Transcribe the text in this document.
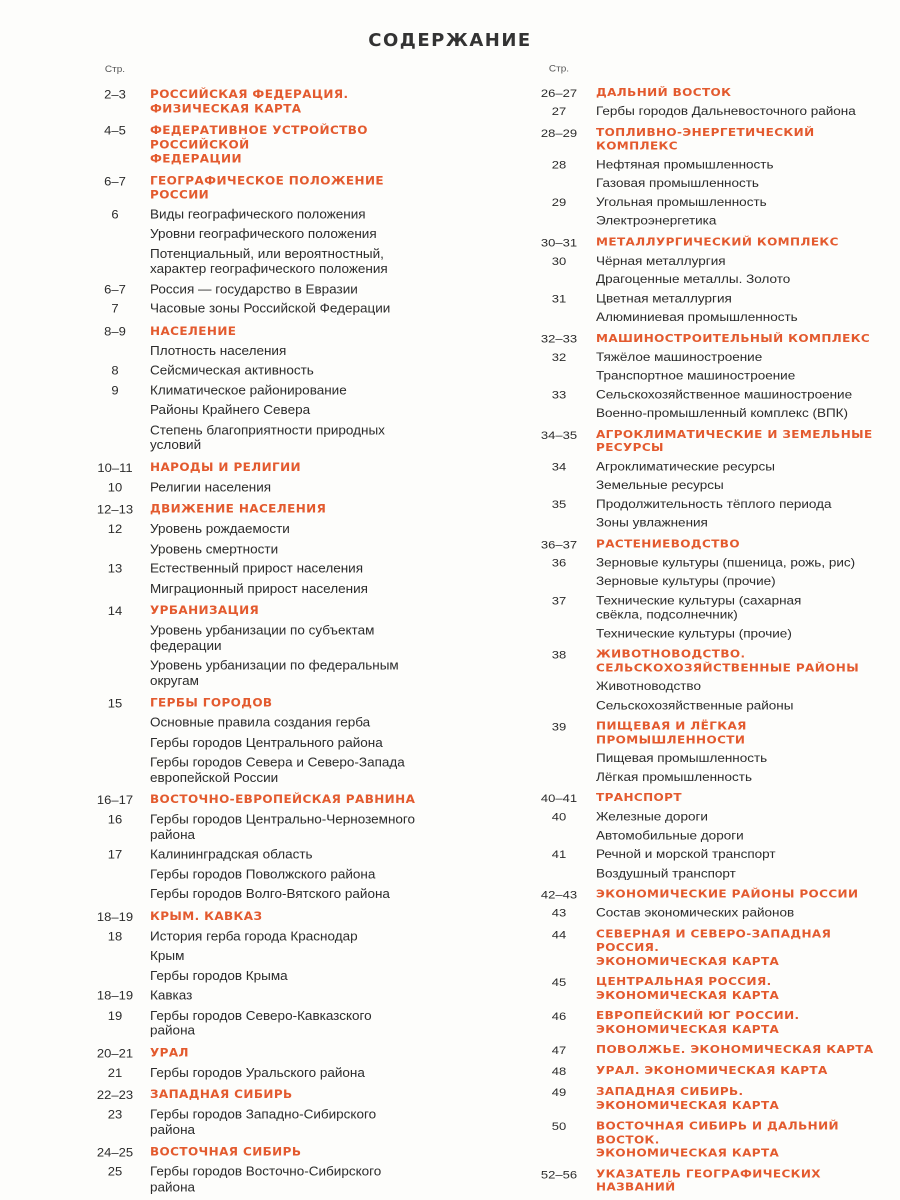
СОДЕРЖАНИЕ
Стр.
2–3	РОССИЙСКАЯ ФЕДЕРАЦИЯ.
ФИЗИЧЕСКАЯ КАРТА
4–5	ФЕДЕРАТИВНОЕ УСТРОЙСТВО РОССИЙСКОЙ
ФЕДЕРАЦИИ
6–7	ГЕОГРАФИЧЕСКОЕ ПОЛОЖЕНИЕ
РОССИИ
6	Виды географического положения
Уровни географического положения
Потенциальный, или вероятностный,
характер географического положения
6–7	Россия — государство в Евразии
7	Часовые зоны Российской Федерации
8–9	НАСЕЛЕНИЕ
Плотность населения
8	Сейсмическая активность
9	Климатическое районирование
Районы Крайнего Севера
Степень благоприятности природных
условий
10–11	НАРОДЫ И РЕЛИГИИ
10	Религии населения
12–13	ДВИЖЕНИЕ НАСЕЛЕНИЯ
12	Уровень рождаемости
Уровень смертности
13	Естественный прирост населения
Миграционный прирост населения
14	УРБАНИЗАЦИЯ
Уровень урбанизации по субъектам
федерации
Уровень урбанизации по федеральным
округам
15	ГЕРБЫ ГОРОДОВ
Основные правила создания герба
Гербы городов Центрального района
Гербы городов Севера и Северо-Запада
европейской России
16–17	ВОСТОЧНО-ЕВРОПЕЙСКАЯ РАВНИНА
16	Гербы городов Центрально-Черноземного
района
17	Калининградская область
Гербы городов Поволжского района
Гербы городов Волго-Вятского района
18–19	КРЫМ. КАВКАЗ
18	История герба города Краснодар
Крым
Гербы городов Крыма
18–19	Кавказ
19	Гербы городов Северо-Кавказского
района
20–21	УРАЛ
21	Гербы городов Уральского района
22–23	ЗАПАДНАЯ СИБИРЬ
23	Гербы городов Западно-Сибирского
района
24–25	ВОСТОЧНАЯ СИБИРЬ
25	Гербы городов Восточно-Сибирского
района
Стр.
26–27	ДАЛЬНИЙ ВОСТОК
27	Гербы городов Дальневосточного района
28–29	ТОПЛИВНО-ЭНЕРГЕТИЧЕСКИЙ КОМПЛЕКС
28	Нефтяная промышленность
Газовая промышленность
29	Угольная промышленность
Электроэнергетика
30–31	МЕТАЛЛУРГИЧЕСКИЙ КОМПЛЕКС
30	Чёрная металлургия
Драгоценные металлы. Золото
31	Цветная металлургия
Алюминиевая промышленность
32–33	МАШИНОСТРОИТЕЛЬНЫЙ КОМПЛЕКС
32	Тяжёлое машиностроение
Транспортное машиностроение
33	Сельскохозяйственное машиностроение
Военно-промышленный комплекс (ВПК)
34–35	АГРОКЛИМАТИЧЕСКИЕ И ЗЕМЕЛЬНЫЕ
РЕСУРСЫ
34	Агроклиматические ресурсы
Земельные ресурсы
35	Продолжительность тёплого периода
Зоны увлажнения
36–37	РАСТЕНИЕВОДСТВО
36	Зерновые культуры (пшеница, рожь, рис)
Зерновые культуры (прочие)
37	Технические культуры (сахарная
свёкла, подсолнечник)
Технические культуры (прочие)
38	ЖИВОТНОВОДСТВО.
СЕЛЬСКОХОЗЯЙСТВЕННЫЕ РАЙОНЫ
Животноводство
Сельскохозяйственные районы
39	ПИЩЕВАЯ И ЛЁГКАЯ ПРОМЫШЛЕННОСТИ
Пищевая промышленность
Лёгкая промышленность
40–41	ТРАНСПОРТ
40	Железные дороги
Автомобильные дороги
41	Речной и морской транспорт
Воздушный транспорт
42–43	ЭКОНОМИЧЕСКИЕ РАЙОНЫ РОССИИ
43	Состав экономических районов
44	СЕВЕРНАЯ И СЕВЕРО-ЗАПАДНАЯ РОССИЯ.
ЭКОНОМИЧЕСКАЯ КАРТА
45	ЦЕНТРАЛЬНАЯ РОССИЯ.
ЭКОНОМИЧЕСКАЯ КАРТА
46	ЕВРОПЕЙСКИЙ ЮГ РОССИИ.
ЭКОНОМИЧЕСКАЯ КАРТА
47	ПОВОЛЖЬЕ. ЭКОНОМИЧЕСКАЯ КАРТА
48	УРАЛ. ЭКОНОМИЧЕСКАЯ КАРТА
49	ЗАПАДНАЯ СИБИРЬ.
ЭКОНОМИЧЕСКАЯ КАРТА
50	ВОСТОЧНАЯ СИБИРЬ И ДАЛЬНИЙ ВОСТОК.
ЭКОНОМИЧЕСКАЯ КАРТА
52–56	УКАЗАТЕЛЬ ГЕОГРАФИЧЕСКИХ НАЗВАНИЙ
